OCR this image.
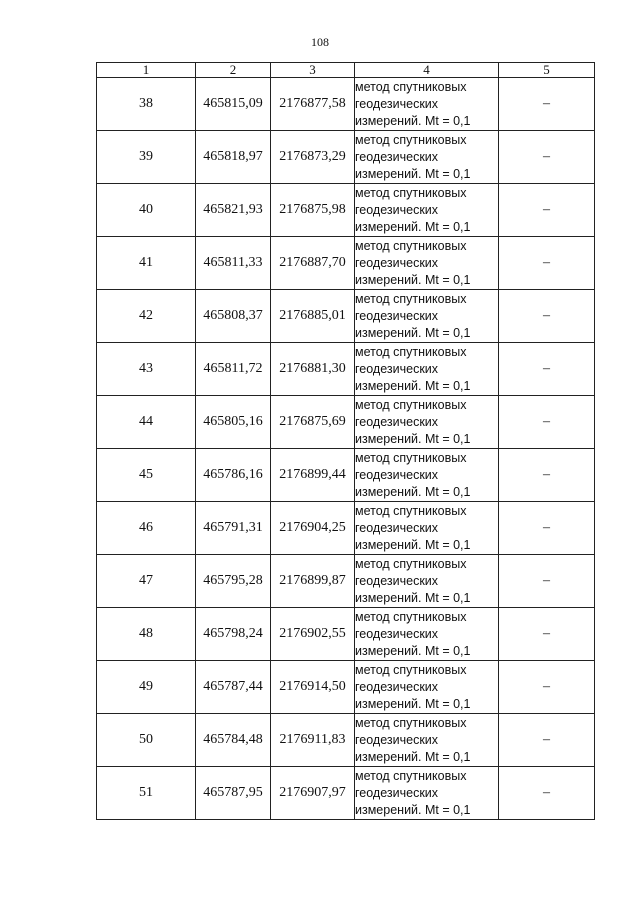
108
1	2	3	4	5
38	465815,09	2176877,58	метод спутниковых
геодезических
измерений. Mt = 0,1	–
39	465818,97	2176873,29	метод спутниковых
геодезических
измерений. Mt = 0,1	–
40	465821,93	2176875,98	метод спутниковых
геодезических
измерений. Mt = 0,1	–
41	465811,33	2176887,70	метод спутниковых
геодезических
измерений. Mt = 0,1	–
42	465808,37	2176885,01	метод спутниковых
геодезических
измерений. Mt = 0,1	–
43	465811,72	2176881,30	метод спутниковых
геодезических
измерений. Mt = 0,1	–
44	465805,16	2176875,69	метод спутниковых
геодезических
измерений. Mt = 0,1	–
45	465786,16	2176899,44	метод спутниковых
геодезических
измерений. Mt = 0,1	–
46	465791,31	2176904,25	метод спутниковых
геодезических
измерений. Mt = 0,1	–
47	465795,28	2176899,87	метод спутниковых
геодезических
измерений. Mt = 0,1	–
48	465798,24	2176902,55	метод спутниковых
геодезических
измерений. Mt = 0,1	–
49	465787,44	2176914,50	метод спутниковых
геодезических
измерений. Mt = 0,1	–
50	465784,48	2176911,83	метод спутниковых
геодезических
измерений. Mt = 0,1	–
51	465787,95	2176907,97	метод спутниковых
геодезических
измерений. Mt = 0,1	–
